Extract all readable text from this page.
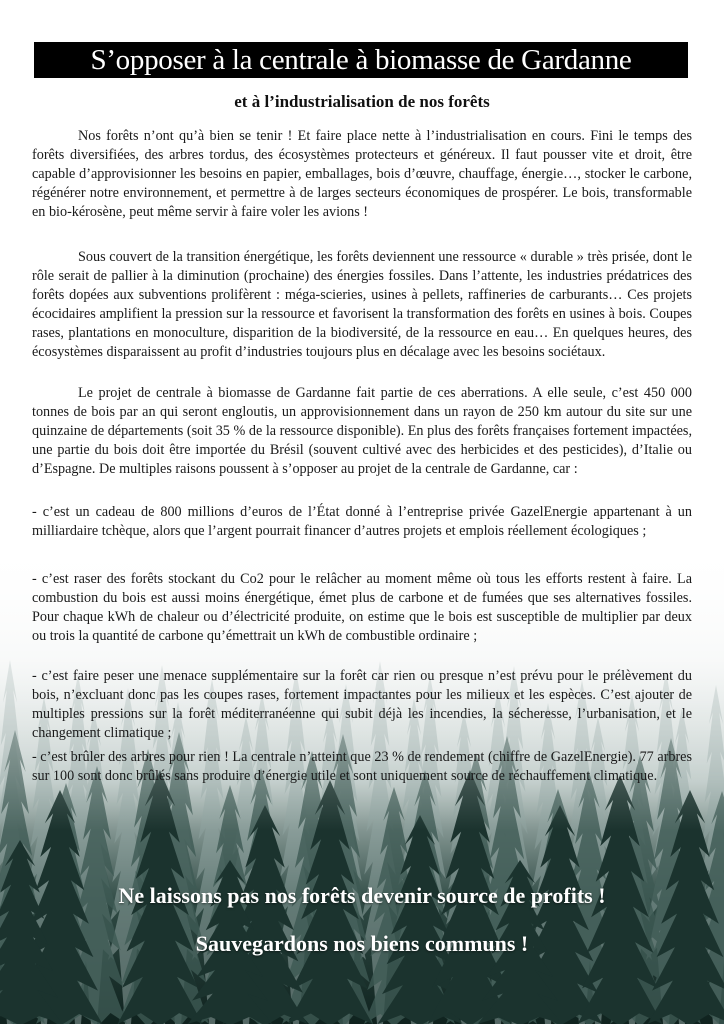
S’opposer à la centrale à biomasse de Gardanne
et à l’industrialisation de nos forêts

Nos forêts n’ont qu’à bien se tenir ! Et faire place nette à l’industrialisation en cours. Fini le temps des forêts diversifiées, des arbres tordus, des écosystèmes protecteurs et généreux. Il faut pousser vite et droit, être capable d’approvisionner les besoins en papier, emballages, bois d’œuvre, chauffage, énergie…, stocker le carbone, régénérer notre environnement, et permettre à de larges secteurs économiques de prospérer. Le bois, transformable en bio-kérosène, peut même servir à faire voler les avions !

Sous couvert de la transition énergétique, les forêts deviennent une ressource « durable » très prisée, dont le rôle serait de pallier à la diminution (prochaine) des énergies fossiles. Dans l’attente, les industries prédatrices des forêts dopées aux subventions prolifèrent : méga-scieries, usines à pellets, raffineries de carburants… Ces projets écocidaires amplifient la pression sur la ressource et favorisent la transformation des forêts en usines à bois. Coupes rases, plantations en monoculture, disparition de la biodiversité, de la ressource en eau… En quelques heures, des écosystèmes disparaissent au profit d’industries toujours plus en décalage avec les besoins sociétaux.

Le projet de centrale à biomasse de Gardanne fait partie de ces aberrations. A elle seule, c’est 450 000 tonnes de bois par an qui seront engloutis, un approvisionnement dans un rayon de 250 km autour du site sur une quinzaine de départements (soit 35 % de la ressource disponible). En plus des forêts françaises fortement impactées, une partie du bois doit être importée du Brésil (souvent cultivé avec des herbicides et des pesticides), d’Italie ou d’Espagne. De multiples raisons poussent à s’opposer au projet de la centrale de Gardanne, car :

- c’est un cadeau de 800 millions d’euros de l’État donné à l’entreprise privée GazelEnergie appartenant à un milliardaire tchèque, alors que l’argent pourrait financer d’autres projets et emplois réellement écologiques ;

- c’est raser des forêts stockant du Co2 pour le relâcher au moment même où tous les efforts restent à faire. La combustion du bois est aussi moins énergétique, émet plus de carbone et de fumées que ses alternatives fossiles. Pour chaque kWh de chaleur ou d’électricité produite, on estime que le bois est susceptible de multiplier par deux ou trois la quantité de carbone qu’émettrait un kWh de combustible ordinaire ;

- c’est faire peser une menace supplémentaire sur la forêt car rien ou presque n’est prévu pour le prélèvement du bois, n’excluant donc pas les coupes rases, fortement impactantes pour les milieux et les espèces. C’est ajouter de multiples pressions sur la forêt méditerranéenne qui subit déjà les incendies, la sécheresse, l’urbanisation, et le changement climatique ;

- c’est brûler des arbres pour rien ! La centrale n’atteint que 23 % de rendement (chiffre de GazelEnergie). 77 arbres sur 100 sont donc brûlés sans produire d’énergie utile et sont uniquement source de réchauffement climatique.

Ne laissons pas nos forêts devenir source de profits !
Sauvegardons nos biens communs !
